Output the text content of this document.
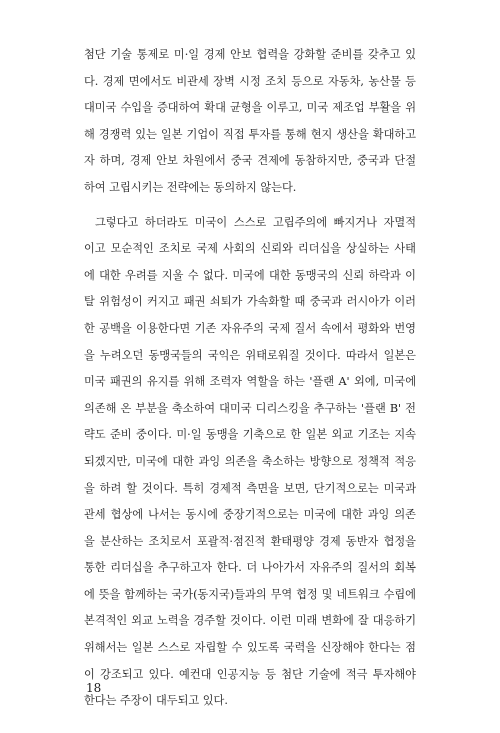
첨단 기술 통제로 미·일 경제 안보 협력을 강화할 준비를 갖추고 있
다. 경제 면에서도 비관세 장벽 시정 조치 등으로 자동차, 농산물 등
대미국 수입을 증대하여 확대 균형을 이루고, 미국 제조업 부활을 위
해 경쟁력 있는 일본 기업이 직접 투자를 통해 현지 생산을 확대하고
자 하며, 경제 안보 차원에서 중국 견제에 동참하지만, 중국과 단절
하여 고립시키는 전략에는 동의하지 않는다.
그렇다고 하더라도 미국이 스스로 고립주의에 빠지거나 자멸적
이고 모순적인 조치로 국제 사회의 신뢰와 리더십을 상실하는 사태
에 대한 우려를 지울 수 없다. 미국에 대한 동맹국의 신뢰 하락과 이
탈 위험성이 커지고 패권 쇠퇴가 가속화할 때 중국과 러시아가 이러
한 공백을 이용한다면 기존 자유주의 국제 질서 속에서 평화와 번영
을 누려오던 동맹국들의 국익은 위태로워질 것이다. 따라서 일본은
미국 패권의 유지를 위해 조력자 역할을 하는 '플랜 A' 외에, 미국에
의존해 온 부분을 축소하여 대미국 디리스킹을 추구하는 '플랜 B' 전
략도 준비 중이다. 미·일 동맹을 기축으로 한 일본 외교 기조는 지속
되겠지만, 미국에 대한 과잉 의존을 축소하는 방향으로 정책적 적응
을 하려 할 것이다. 특히 경제적 측면을 보면, 단기적으로는 미국과
관세 협상에 나서는 동시에 중장기적으로는 미국에 대한 과잉 의존
을 분산하는 조치로서 포괄적·점진적 환태평양 경제 동반자 협정을
통한 리더십을 추구하고자 한다. 더 나아가서 자유주의 질서의 회복
에 뜻을 함께하는 국가(동지국)들과의 무역 협정 및 네트워크 수립에
본격적인 외교 노력을 경주할 것이다. 이런 미래 변화에 잘 대응하기
위해서는 일본 스스로 자립할 수 있도록 국력을 신장해야 한다는 점
이 강조되고 있다. 예컨대 인공지능 등 첨단 기술에 적극 투자해야
한다는 주장이 대두되고 있다.
18
